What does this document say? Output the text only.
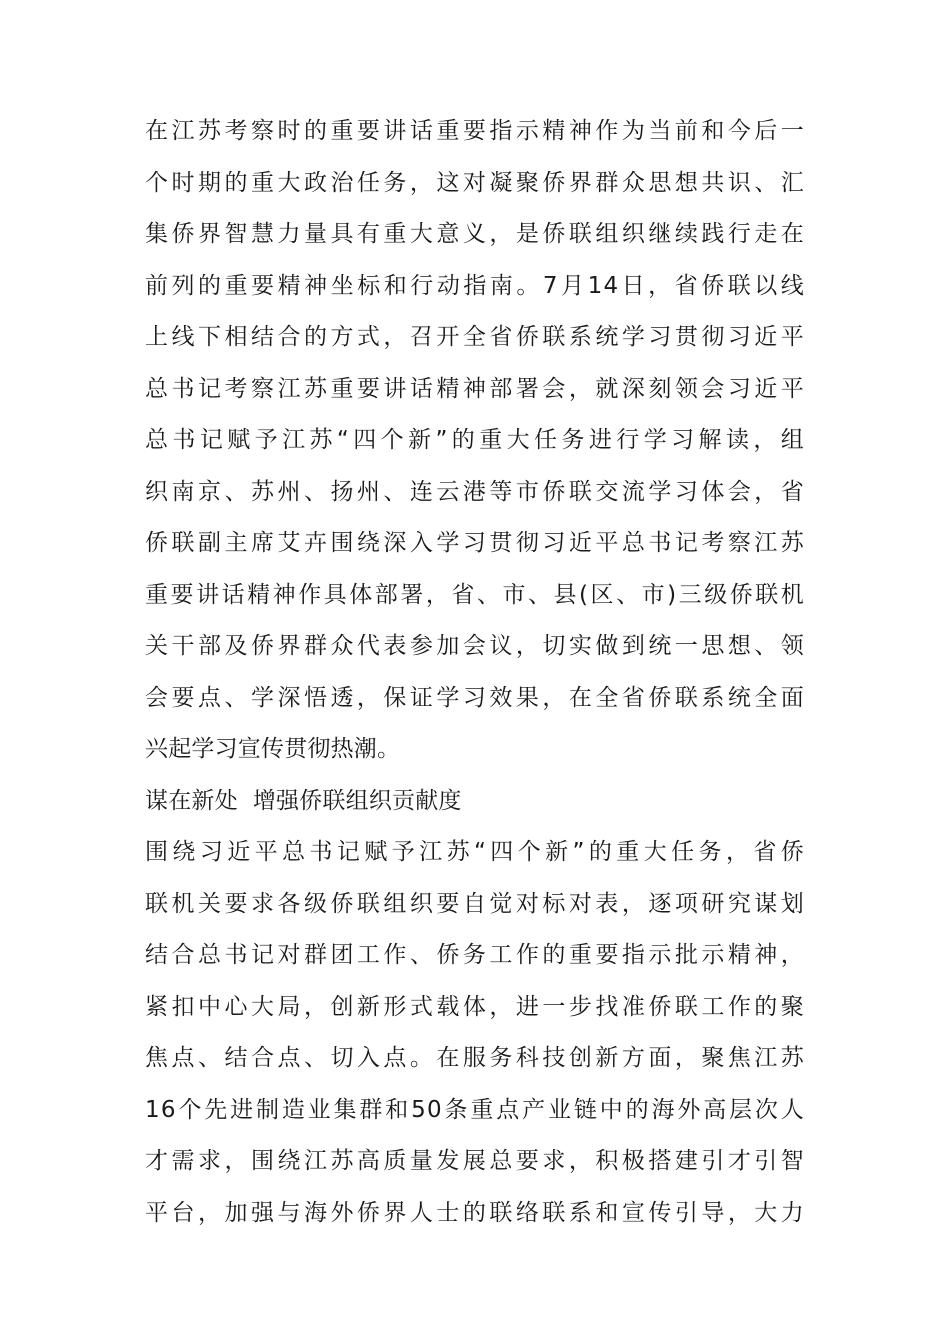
在江苏考察时的重要讲话重要指示精神作为当前和今后一
个时期的重大政治任务，这对凝聚侨界群众思想共识、汇
集侨界智慧力量具有重大意义，是侨联组织继续践行走在
前列的重要精神坐标和行动指南。7月14日，省侨联以线
上线下相结合的方式，召开全省侨联系统学习贯彻习近平
总书记考察江苏重要讲话精神部署会，就深刻领会习近平
总书记赋予江苏“四个新”的重大任务进行学习解读，组
织南京、苏州、扬州、连云港等市侨联交流学习体会，省
侨联副主席艾卉围绕深入学习贯彻习近平总书记考察江苏
重要讲话精神作具体部署，省、市、县(区、市)三级侨联机
关干部及侨界群众代表参加会议，切实做到统一思想、领
会要点、学深悟透，保证学习效果，在全省侨联系统全面
兴起学习宣传贯彻热潮。
谋在新处  增强侨联组织贡献度
围绕习近平总书记赋予江苏“四个新”的重大任务，省侨
联机关要求各级侨联组织要自觉对标对表，逐项研究谋划
结合总书记对群团工作、侨务工作的重要指示批示精神，
紧扣中心大局，创新形式载体，进一步找准侨联工作的聚
焦点、结合点、切入点。在服务科技创新方面，聚焦江苏
16个先进制造业集群和50条重点产业链中的海外高层次人
才需求，围绕江苏高质量发展总要求，积极搭建引才引智
平台，加强与海外侨界人士的联络联系和宣传引导，大力
